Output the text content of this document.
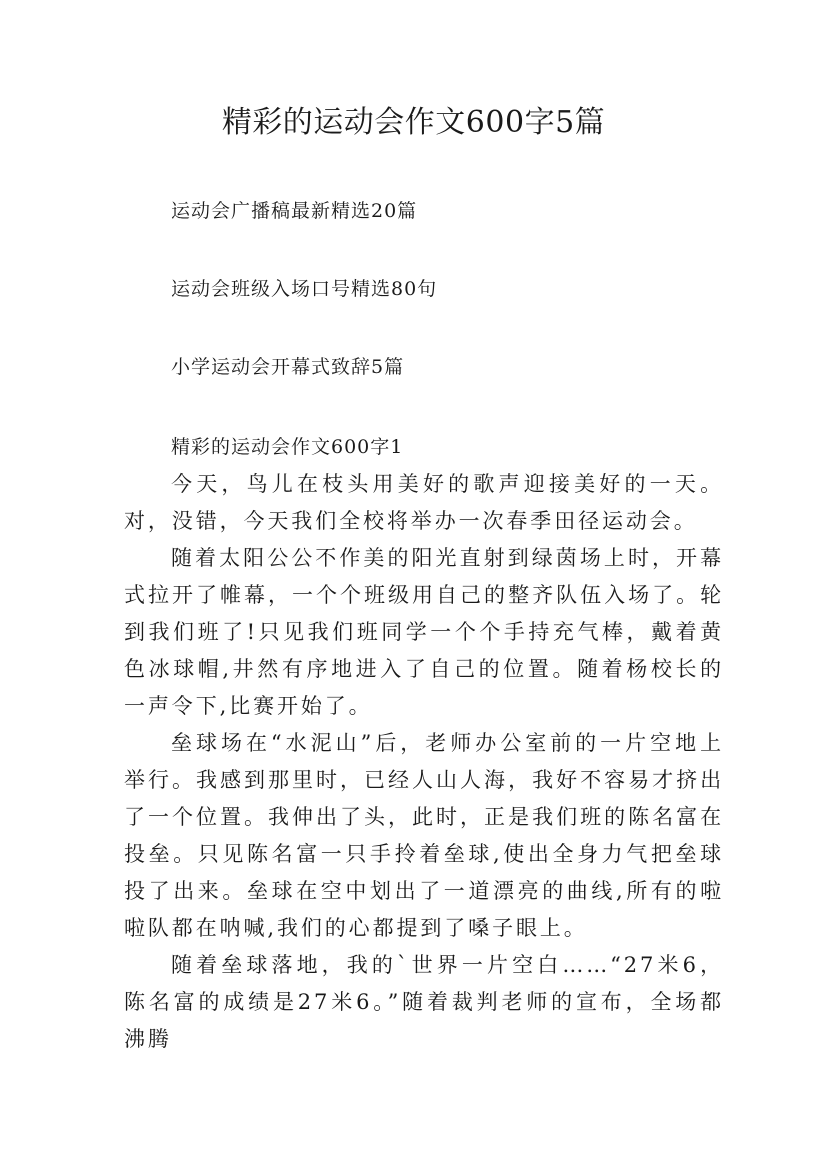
精彩的运动会作文600字5篇
运动会广播稿最新精选20篇
运动会班级入场口号精选80句
小学运动会开幕式致辞5篇

精彩的运动会作文600字1

今天，鸟儿在枝头用美好的歌声迎接美好的一天。对，没错，今天我们全校将举办一次春季田径运动会。

随着太阳公公不作美的阳光直射到绿茵场上时，开幕式拉开了帷幕，一个个班级用自己的整齐队伍入场了。轮到我们班了!只见我们班同学一个个手持充气棒，戴着黄色冰球帽,井然有序地进入了自己的位置。随着杨校长的一声令下,比赛开始了。

垒球场在“水泥山”后，老师办公室前的一片空地上举行。我感到那里时，已经人山人海，我好不容易才挤出了一个位置。我伸出了头，此时，正是我们班的陈名富在投垒。只见陈名富一只手拎着垒球,使出全身力气把垒球投了出来。垒球在空中划出了一道漂亮的曲线,所有的啦啦队都在呐喊,我们的心都提到了嗓子眼上。

随着垒球落地，我的`世界一片空白……“27米6，陈名富的成绩是27米6。”随着裁判老师的宣布，全场都沸腾
